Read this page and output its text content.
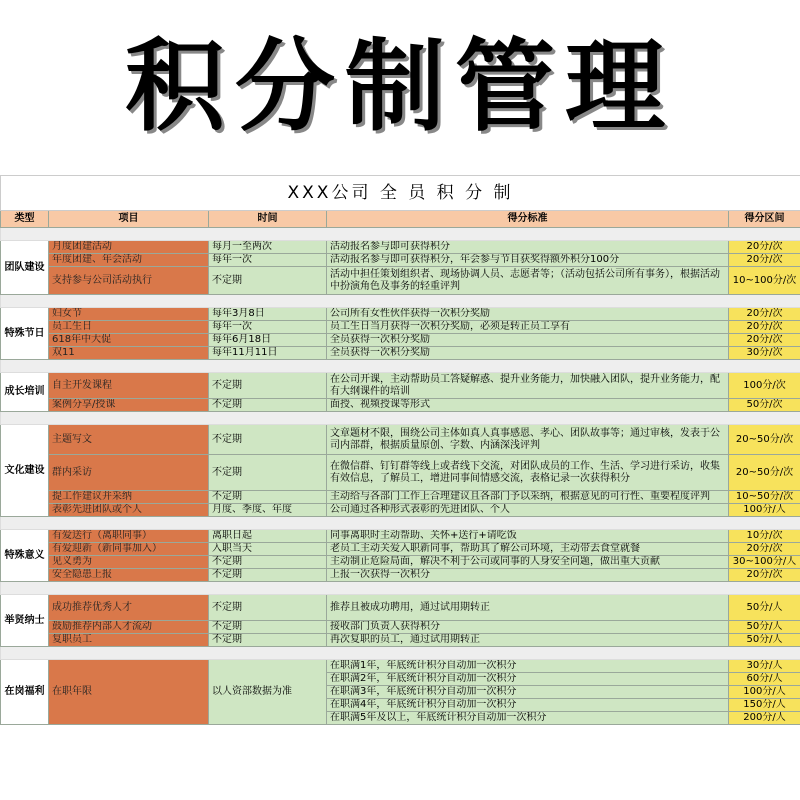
积分制管理
XXX公司 全 员 积 分 制				
类型	项目	时间	得分标准	得分区间

团队建设	月度团建活动	每月一至两次	活动报名参与即可获得积分	20分/次
	年度团建、年会活动	每年一次	活动报名参与即可获得积分，年会参与节目获奖得额外积分100分	20分/次
	支持参与公司活动执行	不定期	活动中担任策划组织者、现场协调人员、志愿者等；（活动包括公司所有事务），根据活动中扮演角色及事务的轻重评判	10~100分/次

特殊节日	妇女节	每年3月8日	公司所有女性伙伴获得一次积分奖励	20分/次
	员工生日	每年一次	员工生日当月获得一次积分奖励，必须是转正员工享有	20分/次
	618年中大促	每年6月18日	全员获得一次积分奖励	20分/次
	双11	每年11月11日	全员获得一次积分奖励	30分/次

成长培训	自主开发课程	不定期	在公司开课，主动帮助员工答疑解惑、提升业务能力，加快融入团队，提升业务能力，配有大纲课件的培训	100分/次
	案例分享/授课	不定期	面授、视频授课等形式	50分/次

文化建设	主题写文	不定期	文章题材不限，围绕公司主体如真人真事感恩、孝心、团队故事等；通过审核，发表于公司内部群，根据质量原创、字数、内涵深浅评判	20~50分/次
	群内采访	不定期	在微信群、钉钉群等线上或者线下交流，对团队成员的工作、生活、学习进行采访，收集有效信息，了解员工，增进同事间情感交流，表格记录一次获得积分	20~50分/次
	提工作建议并采纳	不定期	主动给与各部门工作上合理建议且各部门予以采纳，根据意见的可行性、重要程度评判	10~50分/次
	表彰先进团队或个人	月度、季度、年度	公司通过各种形式表彰的先进团队、个人	100分/人

特殊意义	有爱送行（离职同事）	离职日起	同事离职时主动帮助、关怀+送行+请吃饭	10分/次
	有爱迎新（新同事加入）	入职当天	老员工主动关爱入职新同事，帮助其了解公司环境，主动带去食堂就餐	20分/次
	见义勇为	不定期	主动制止危险局面，解决不利于公司或同事的人身安全问题，做出重大贡献	30~100分/人
	安全隐患上报	不定期	上报一次获得一次积分	20分/次

举贤纳士	成功推荐优秀人才	不定期	推荐且被成功聘用，通过试用期转正	50分/人
	鼓励推荐内部人才流动	不定期	接收部门负责人获得积分	50分/人
	复职员工	不定期	再次复职的员工，通过试用期转正	50分/人

在岗福利	在职年限	以人资部数据为准	在职满1年，年底统计积分自动加一次积分	30分/人
			在职满2年，年底统计积分自动加一次积分	60分/人
			在职满3年，年底统计积分自动加一次积分	100分/人
			在职满4年，年底统计积分自动加一次积分	150分/人
			在职满5年及以上，年底统计积分自动加一次积分	200分/人
